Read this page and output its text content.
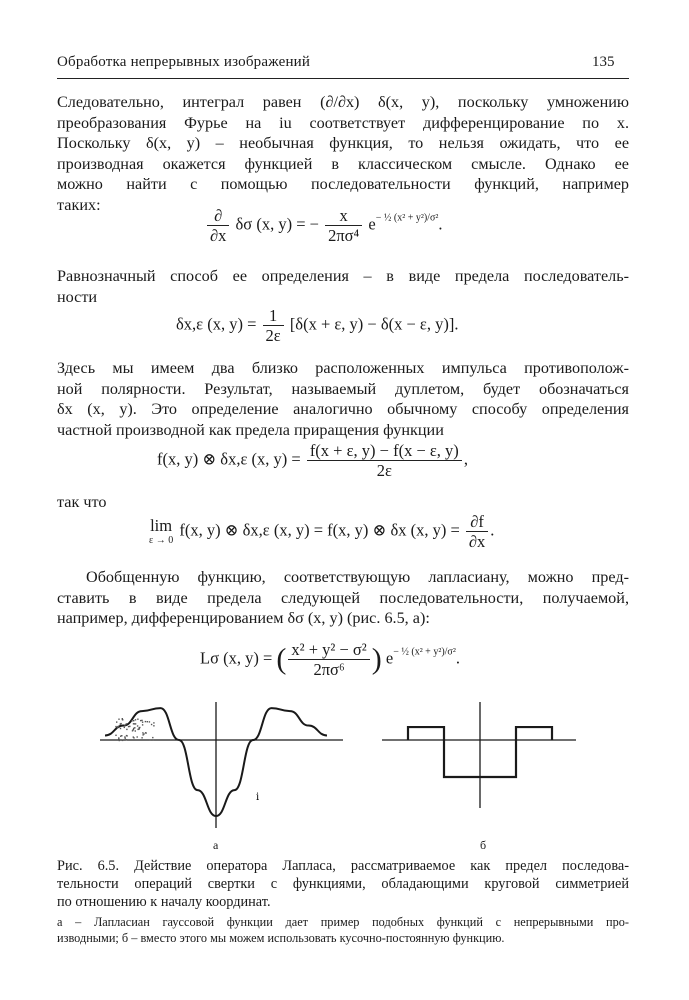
Обработка непрерывных изображений	135
Следовательно, интеграл равен (∂/∂x) δ(x, y), поскольку умножению
преобразования Фурье на iu соответствует дифференцирование по x.
Поскольку δ(x, y) – необычная функция, то нельзя ожидать, что ее
производная окажется функцией в классическом смысле. Однако ее
можно найти с помощью последовательности функций, например
таких:
$\frac{\partial}{\partial x}$ δσ (x, y) = − $\frac{x}{\text{2πσ⁴}} e^{- \frac{1}{2} (x^2 + y^2)/\sigma^2}$.
Равнозначный способ ее определения – в виде предела последователь-
ности
δx,ε (x, $y) = \frac{1}{2\varepsilon} [\delta(x + \varepsilon$, y) − δ(x − ε, y)].
Здесь мы имеем два близко расположенных импульса противополож-
ной полярности. Результат, называемый дуплетом, будет обозначаться
δx (x, y). Это определение аналогично обычному способу определения
частной производной как предела приращения функции
f(x, y) ⊗ δx,ε (x, $y) = \frac{f(x + \varepsilon, y) - f(x - \varepsilon, y)}{2\varepsilon}$ ,
так что
lim
ε → 0
f(x, y) ⊗ δx,ε (x, y) = f(x, y) ⊗ δx (x, $y) = \frac{\partial f}{\partial x}$ .
Обобщенную функцию, соответствующую лапласиану, можно пред-
ставить в виде предела следующей последовательности, получаемой,
например, дифференцированием δσ (x, y) (рис. 6.5, а):
Lσ (x, y) = ( $\frac{\text{x² + y² − σ²}}{\text{2πσ⁶}}$ ) $e^{- \frac{1}{2} (x^2 + y^2)/\sigma^2}$.
i
а	б
Рис. 6.5. Действие оператора Лапласа, рассматриваемое как предел последова-
тельности операций свертки с функциями, обладающими круговой симметрией
по отношению к началу координат.
а – Лапласиан гауссовой функции дает пример подобных функций с непрерывными про-
изводными; б – вместо этого мы можем использовать кусочно-постоянную функцию.
